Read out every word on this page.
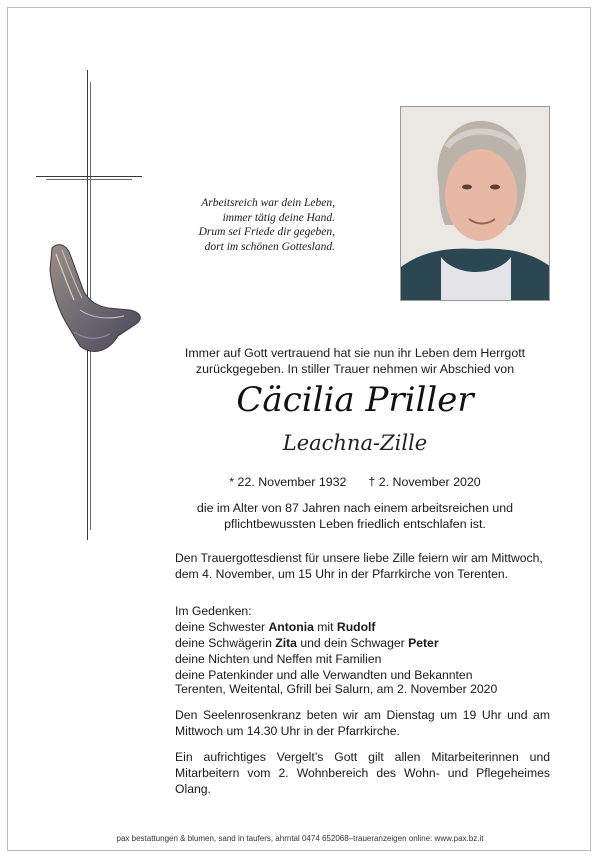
Arbeitsreich war dein Leben,
immer tätig deine Hand.
Drum sei Friede dir gegeben,
dort im schönen Gottesland.
Immer auf Gott vertrauend hat sie nun ihr Leben dem Herrgott
zurückgegeben. In stiller Trauer nehmen wir Abschied von
Cäcilia Priller
Leachna-Zille
* 22. November 1932 † 2. November 2020
die im Alter von 87 Jahren nach einem arbeitsreichen und
pflichtbewussten Leben friedlich entschlafen ist.
Den Trauergottesdienst für unsere liebe Zille feiern wir am Mittwoch,
dem 4. November, um 15 Uhr in der Pfarrkirche von Terenten.
Im Gedenken:
deine Schwester Antonia mit Rudolf
deine Schwägerin Zita und dein Schwager Peter
deine Nichten und Neffen mit Familien
deine Patenkinder und alle Verwandten und Bekannten
Terenten, Weitental, Gfrill bei Salurn, am 2. November 2020
Den Seelenrosenkranz beten wir am Dienstag um 19 Uhr und am Mittwoch um 14.30 Uhr in der Pfarrkirche.
Ein aufrichtiges Vergelt’s Gott gilt allen Mitarbeiterinnen und Mitarbeitern vom 2. Wohnbereich des Wohn- und Pflegeheimes Olang.
pax bestattungen & blumen, sand in taufers, ahrntal 0474 652068–traueranzeigen online: www.pax.bz.it
